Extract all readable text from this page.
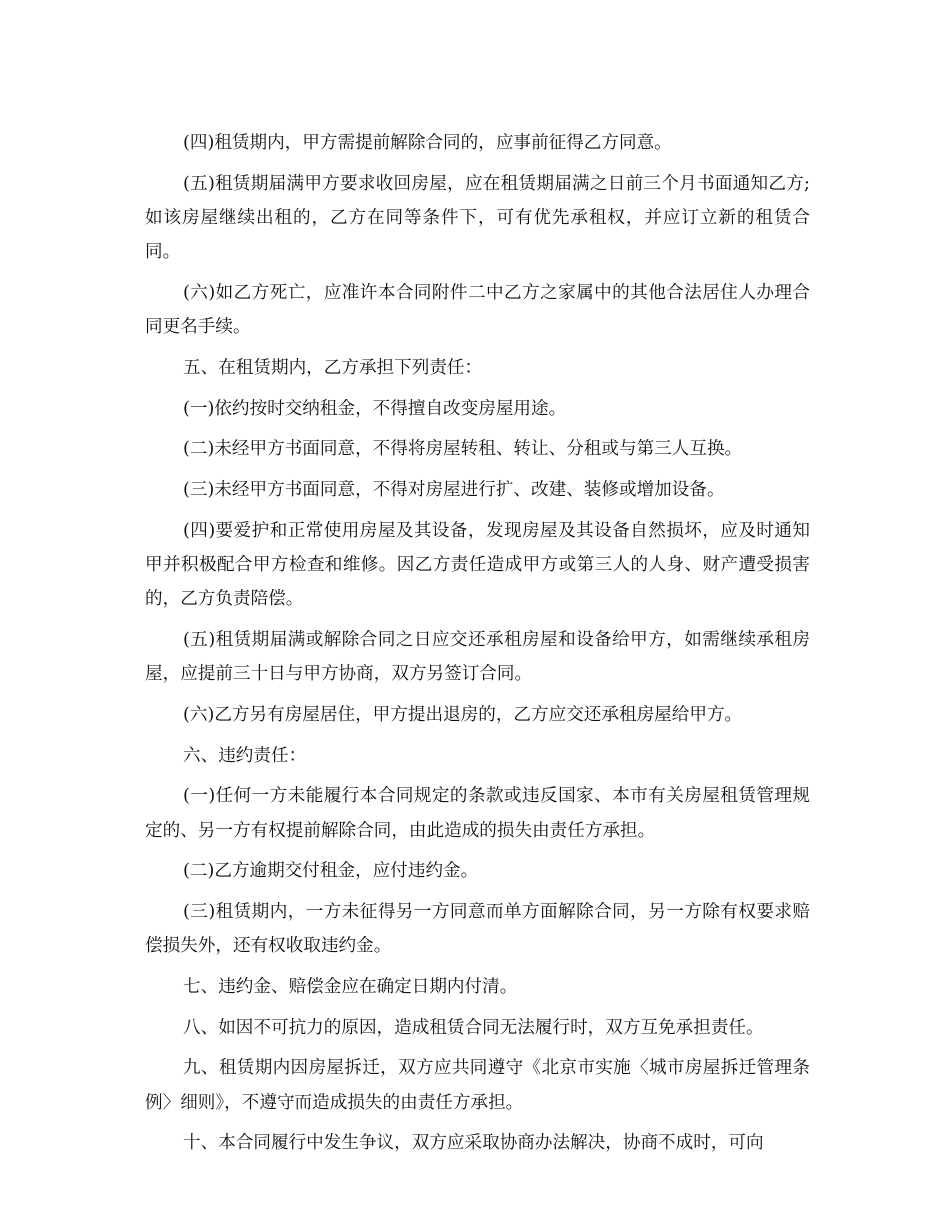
(四)租赁期内，甲方需提前解除合同的，应事前征得乙方同意。

(五)租赁期届满甲方要求收回房屋，应在租赁期届满之日前三个月书面通知乙方;如该房屋继续出租的，乙方在同等条件下，可有优先承租权，并应订立新的租赁合同。

(六)如乙方死亡，应准许本合同附件二中乙方之家属中的其他合法居住人办理合同更名手续。

五、在租赁期内，乙方承担下列责任：

(一)依约按时交纳租金，不得擅自改变房屋用途。

(二)未经甲方书面同意，不得将房屋转租、转让、分租或与第三人互换。

(三)未经甲方书面同意，不得对房屋进行扩、改建、装修或增加设备。

(四)要爱护和正常使用房屋及其设备，发现房屋及其设备自然损坏，应及时通知甲并积极配合甲方检查和维修。因乙方责任造成甲方或第三人的人身、财产遭受损害的，乙方负责陪偿。

(五)租赁期届满或解除合同之日应交还承租房屋和设备给甲方，如需继续承租房屋，应提前三十日与甲方协商，双方另签订合同。

(六)乙方另有房屋居住，甲方提出退房的，乙方应交还承租房屋给甲方。

六、违约责任：

(一)任何一方未能履行本合同规定的条款或违反国家、本市有关房屋租赁管理规定的、另一方有权提前解除合同，由此造成的损失由责任方承担。

(二)乙方逾期交付租金，应付违约金。

(三)租赁期内，一方未征得另一方同意而单方面解除合同，另一方除有权要求赔偿损失外，还有权收取违约金。

七、违约金、赔偿金应在确定日期内付清。

八、如因不可抗力的原因，造成租赁合同无法履行时，双方互免承担责任。

九、租赁期内因房屋拆迁，双方应共同遵守《北京市实施〈城市房屋拆迁管理条例〉细则》，不遵守而造成损失的由责任方承担。

十、本合同履行中发生争议，双方应采取协商办法解决，协商不成时，可向
